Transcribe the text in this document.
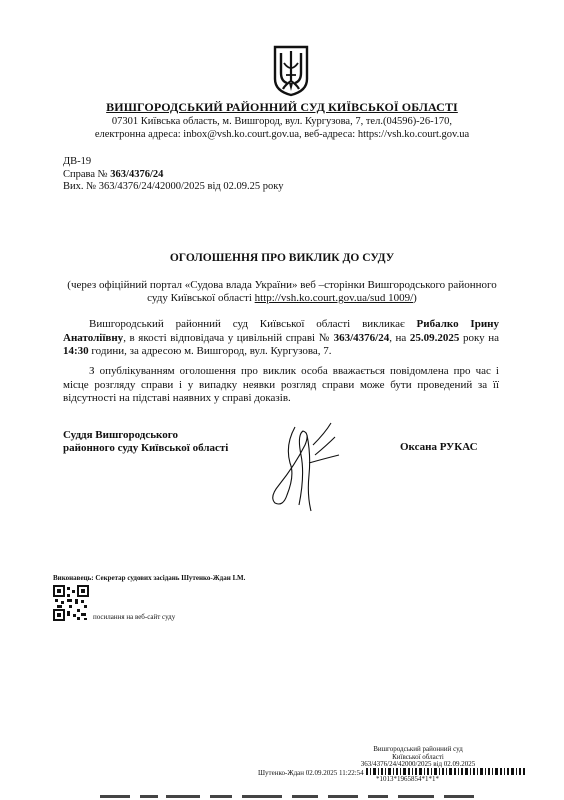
ВИШГОРОДСЬКИЙ РАЙОННИЙ СУД КИЇВСЬКОЇ ОБЛАСТІ
07301 Київська область, м. Вишгород, вул. Кургузова, 7, тел.(04596)-26-170,
електронна адреса: inbox@vsh.ko.court.gov.ua, веб-адреса: https://vsh.ko.court.gov.ua
ДВ-19
Справа № 363/4376/24
Вих. № 363/4376/24/42000/2025 від 02.09.25 року
ОГОЛОШЕННЯ ПРО ВИКЛИК ДО СУДУ
(через офіційний портал «Судова влада України» веб –сторінки Вишгородського районного
суду Київської області http://vsh.ko.court.gov.ua/sud 1009/)
Вишгородський районний суд Київської області викликає Рибалко Ірину Анатоліївну, в якості відповідача у цивільній справі № 363/4376/24, на 25.09.2025 року на 14:30 години, за адресою м. Вишгород, вул. Кургузова, 7.
З опублікуванням оголошення про виклик особа вважається повідомлена про час і місце розгляду справи і у випадку неявки розгляд справи може бути проведений за її відсутності на підставі наявних у справі доказів.
Суддя Вишгородського
районного суду Київської області	Оксана РУКАС
Виконавець: Секретар судових засідань Шутенко-Ждан І.М.
посилання на веб-сайт суду
Вишгородський районний суд
Київської області
363/4376/24/42000/2025 від 02.09.2025
Шутенко-Ждан 02.09.2025 11:22:54
*1013*1965854*1*1*
